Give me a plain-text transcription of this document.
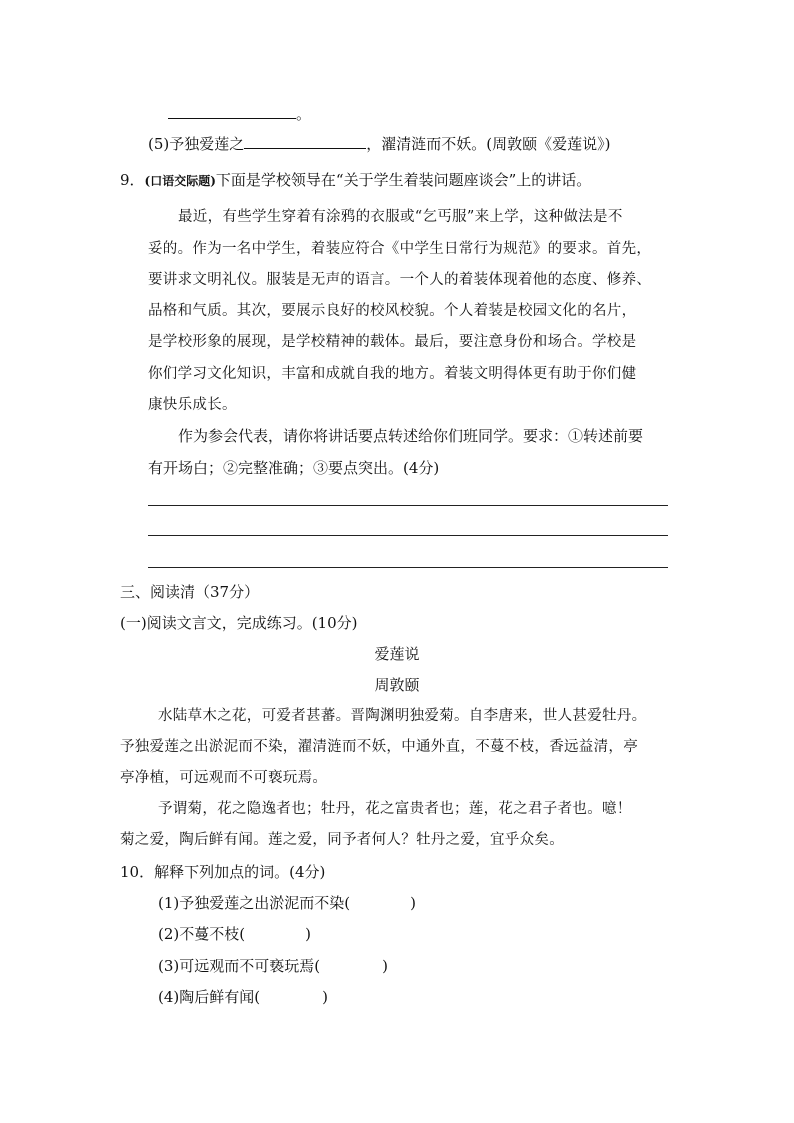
。
(5)予独爱莲之	，濯清涟而不妖。(周敦颐《爱莲说》)
9．(口语交际题)下面是学校领导在“关于学生着装问题座谈会”上的讲话。
最近，有些学生穿着有涂鸦的衣服或“乞丐服”来上学，这种做法是不
妥的。作为一名中学生，着装应符合《中学生日常行为规范》的要求。首先，
要讲求文明礼仪。服装是无声的语言。一个人的着装体现着他的态度、修养、
品格和气质。其次，要展示良好的校风校貌。个人着装是校园文化的名片，
是学校形象的展现，是学校精神的载体。最后，要注意身份和场合。学校是
你们学习文化知识，丰富和成就自我的地方。着装文明得体更有助于你们健
康快乐成长。
作为参会代表，请你将讲话要点转述给你们班同学。要求：①转述前要
有开场白；②完整准确；③要点突出。(4分)
三、阅读清（37分）
(一)阅读文言文，完成练习。(10分)
爱莲说
周敦颐
水陆草木之花，可爱者甚蕃。晋陶渊明独爱菊。自李唐来，世人甚爱牡丹。
予独爱莲之出淤泥而不染，濯清涟而不妖，中通外直，不蔓不枝，香远益清，亭
亭净植，可远观而不可亵玩焉。
予谓菊，花之隐逸者也；牡丹，花之富贵者也；莲，花之君子者也。噫！
菊之爱，陶后鲜有闻。莲之爱，同予者何人？牡丹之爱，宜乎众矣。
10．解释下列加点的词。(4分)
(1)予独爱莲之出淤泥而不染(	)
(2)不蔓不枝(	)
(3)可远观而不可亵玩焉(	)
(4)陶后鲜有闻(	)
